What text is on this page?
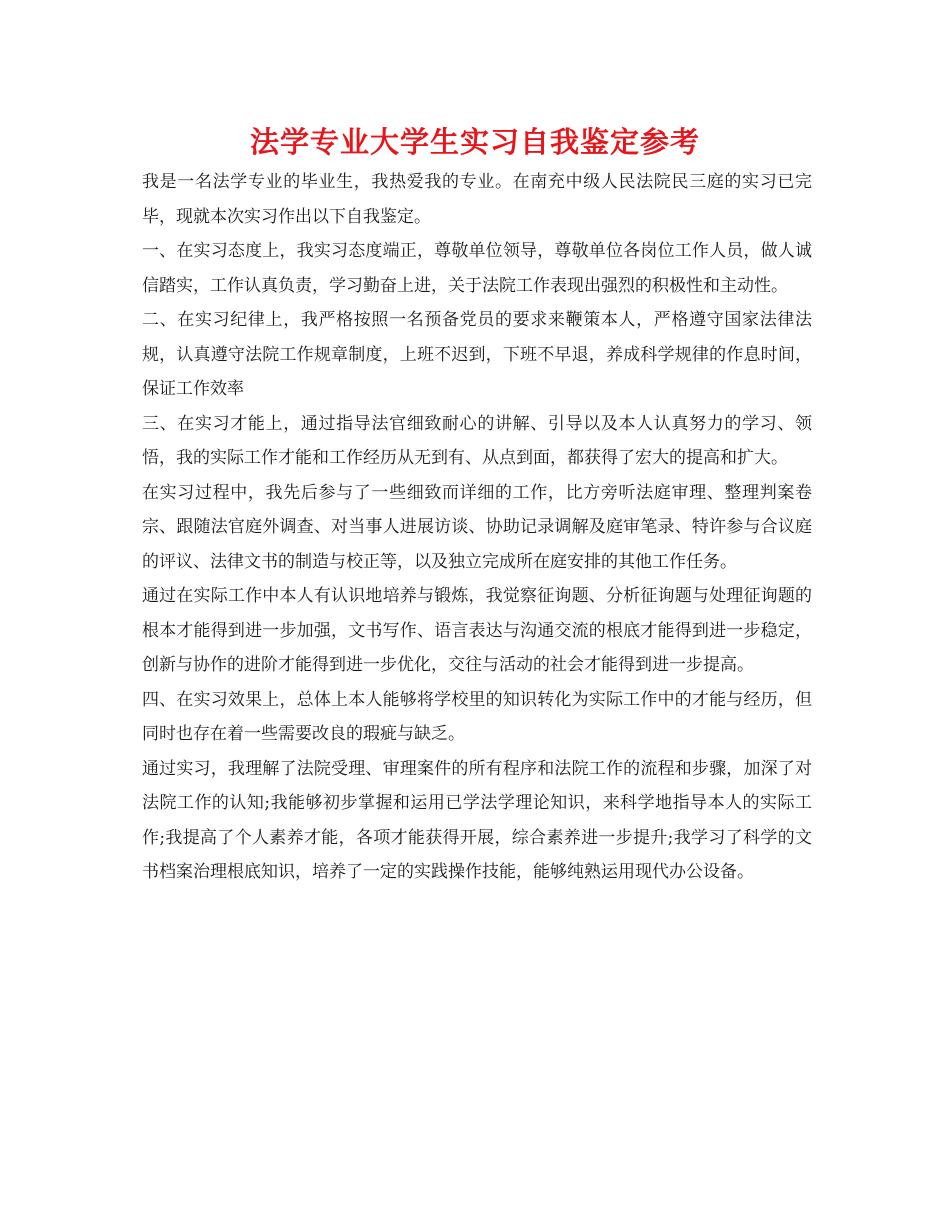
法学专业大学生实习自我鉴定参考

我是一名法学专业的毕业生，我热爱我的专业。在南充中级人民法院民三庭的实习已完毕，现就本次实习作出以下自我鉴定。

一、在实习态度上，我实习态度端正，尊敬单位领导，尊敬单位各岗位工作人员，做人诚信踏实，工作认真负责，学习勤奋上进，关于法院工作表现出强烈的积极性和主动性。

二、在实习纪律上，我严格按照一名预备党员的要求来鞭策本人，严格遵守国家法律法规，认真遵守法院工作规章制度，上班不迟到，下班不早退，养成科学规律的作息时间，保证工作效率

三、在实习才能上，通过指导法官细致耐心的讲解、引导以及本人认真努力的学习、领悟，我的实际工作才能和工作经历从无到有、从点到面，都获得了宏大的提高和扩大。

在实习过程中，我先后参与了一些细致而详细的工作，比方旁听法庭审理、整理判案卷宗、跟随法官庭外调查、对当事人进展访谈、协助记录调解及庭审笔录、特许参与合议庭的评议、法律文书的制造与校正等，以及独立完成所在庭安排的其他工作任务。

通过在实际工作中本人有认识地培养与锻炼，我觉察征询题、分析征询题与处理征询题的根本才能得到进一步加强，文书写作、语言表达与沟通交流的根底才能得到进一步稳定，创新与协作的进阶才能得到进一步优化，交往与活动的社会才能得到进一步提高。

四、在实习效果上，总体上本人能够将学校里的知识转化为实际工作中的才能与经历，但同时也存在着一些需要改良的瑕疵与缺乏。

通过实习，我理解了法院受理、审理案件的所有程序和法院工作的流程和步骤，加深了对法院工作的认知;我能够初步掌握和运用已学法学理论知识，来科学地指导本人的实际工作;我提高了个人素养才能，各项才能获得开展，综合素养进一步提升;我学习了科学的文书档案治理根底知识，培养了一定的实践操作技能，能够纯熟运用现代办公设备。
